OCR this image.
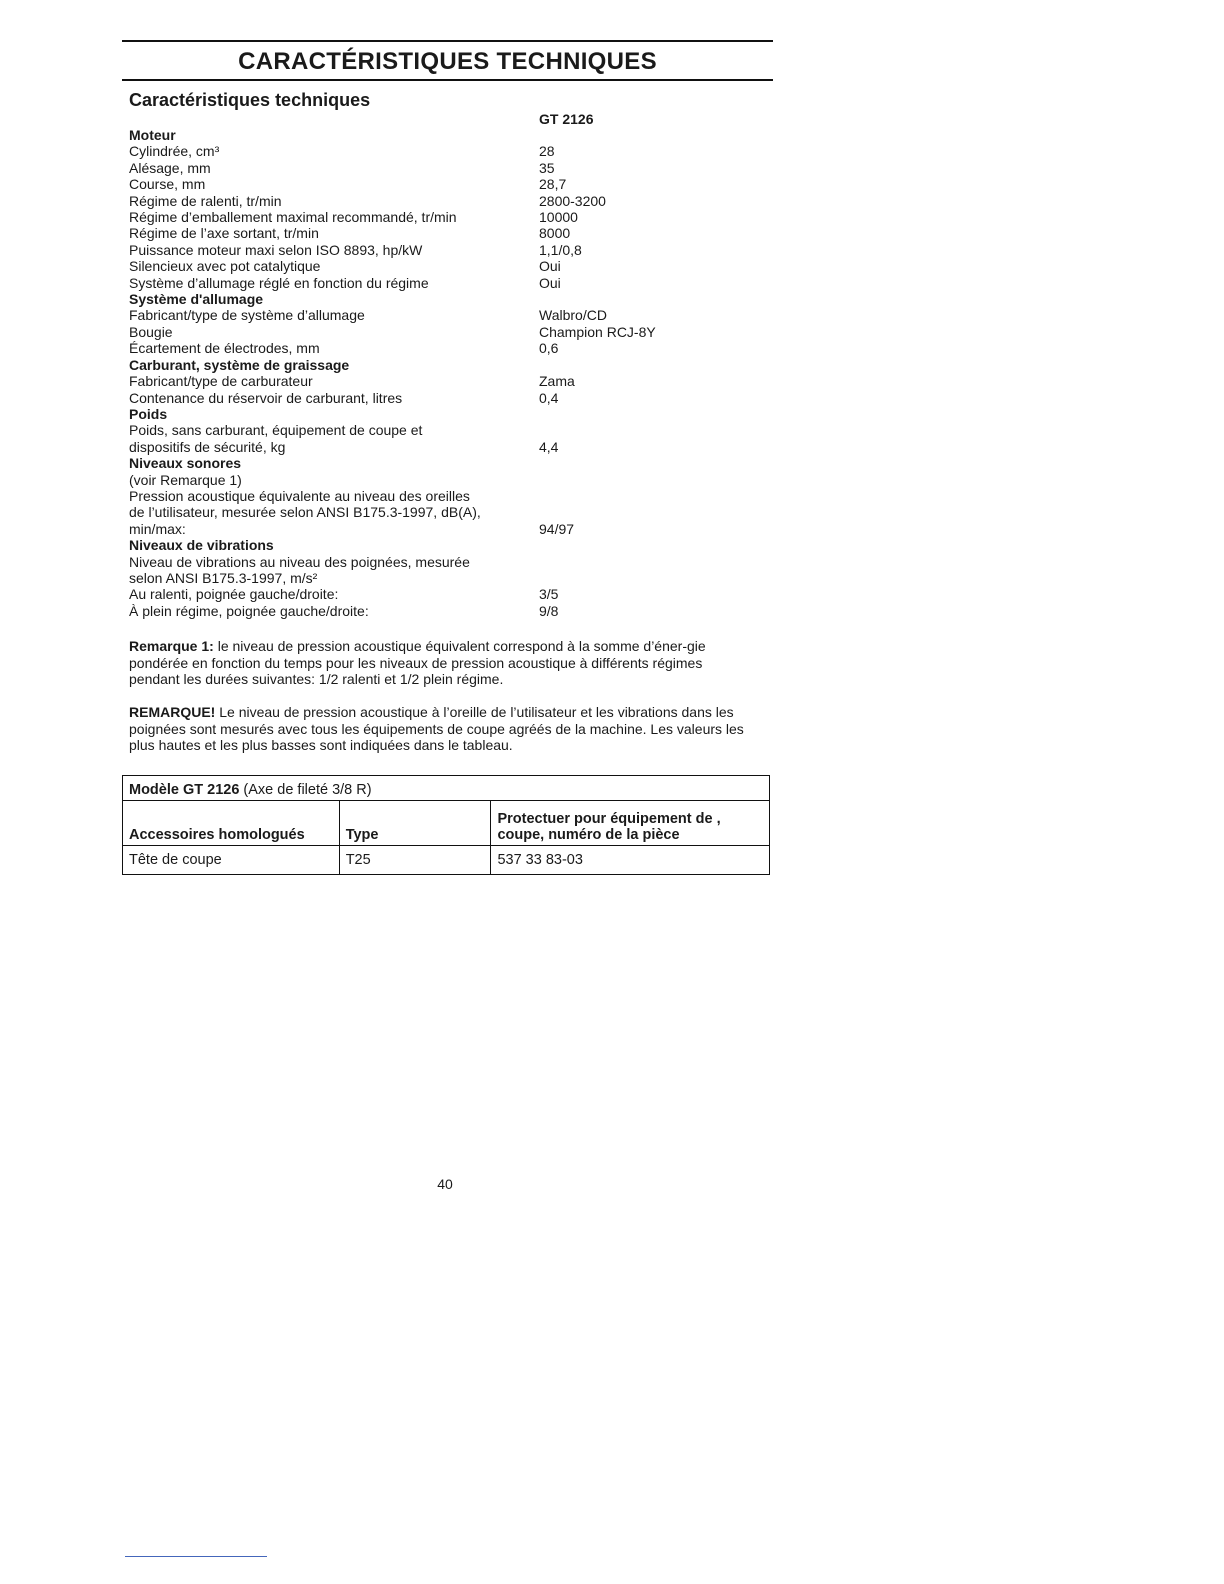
CARACTÉRISTIQUES TECHNIQUES
Caractéristiques techniques
GT 2126
Moteur
Cylindrée, cm³	28
Alésage, mm	35
Course, mm	28,7
Régime de ralenti, tr/min	2800-3200
Régime d’emballement maximal recommandé, tr/min	10000
Régime de l’axe sortant, tr/min	8000
Puissance moteur maxi selon ISO 8893, hp/kW	1,1/0,8
Silencieux avec pot catalytique	Oui
Système d’allumage réglé en fonction du régime	Oui
Système d'allumage
Fabricant/type de système d’allumage	Walbro/CD
Bougie	Champion RCJ-8Y
Écartement de électrodes, mm	0,6
Carburant, système de graissage
Fabricant/type de carburateur	Zama
Contenance du réservoir de carburant, litres	0,4
Poids
Poids, sans carburant, équipement de coupe et
dispositifs de sécurité, kg	4,4
Niveaux sonores
(voir Remarque 1)
Pression acoustique équivalente au niveau des oreilles
de l’utilisateur, mesurée selon ANSI B175.3-1997, dB(A),
min/max:	94/97
Niveaux de vibrations
Niveau de vibrations au niveau des poignées, mesurée
selon ANSI B175.3-1997, m/s²
Au ralenti, poignée gauche/droite:	3/5
À plein régime, poignée gauche/droite:	9/8
Remarque 1: le niveau de pression acoustique équivalent correspond à la somme d’éner-gie pondérée en fonction du temps pour les niveaux de pression acoustique à différents régimes pendant les durées suivantes: 1/2 ralenti et 1/2 plein régime.
REMARQUE! Le niveau de pression acoustique à l’oreille de l’utilisateur et les vibrations dans les poignées sont mesurés avec tous les équipements de coupe agréés de la machine. Les valeurs les plus hautes et les plus basses sont indiquées dans le tableau.
Modèle GT 2126 (Axe de fileté 3/8 R)		
Accessoires homologués	Type	Protectuer pour équipement de , coupe, numéro de la pièce
Tête de coupe	T25	537 33 83-03
40
